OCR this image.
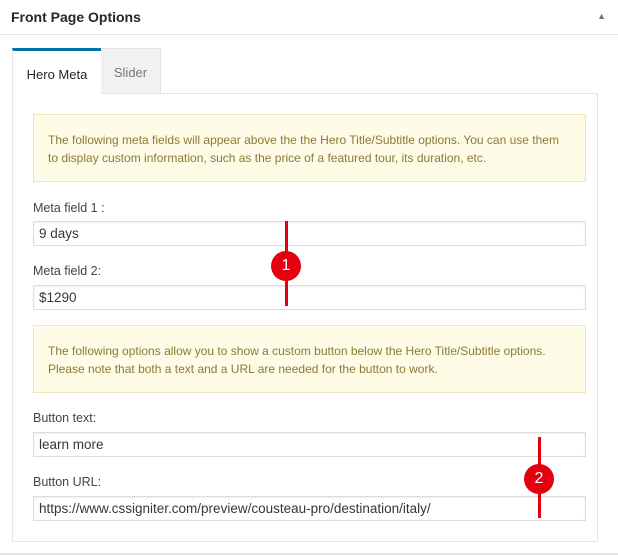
Front Page Options	▲
Hero Meta	Slider
The following meta fields will appear above the the Hero Title/Subtitle options. You can use them to display custom information, such as the price of a featured tour, its duration, etc.
Meta field 1 :
9 days
Meta field 2:
$1290
The following options allow you to show a custom button below the Hero Title/Subtitle options. Please note that both a text and a URL are needed for the button to work.
Button text:
learn more
Button URL:
https://www.cssigniter.com/preview/cousteau-pro/destination/italy/
1
2
